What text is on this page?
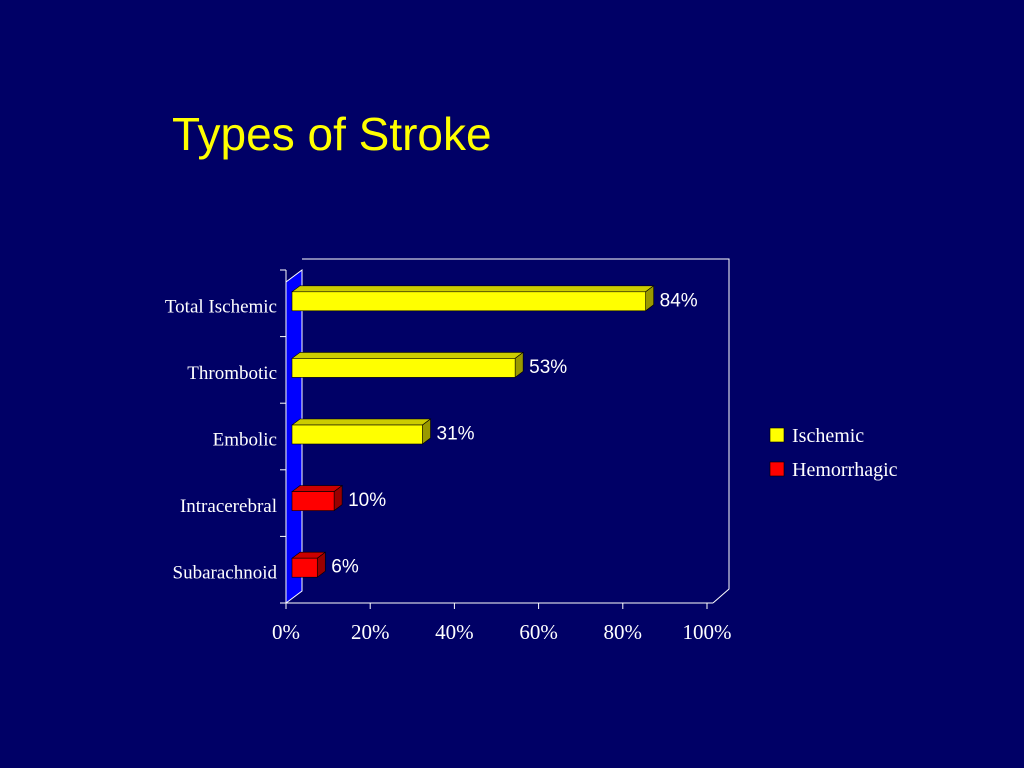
Types of Stroke
84%
53%
31%
10%
6%
0% 20% 40% 60% 80% 100%
Total Ischemic
Thrombotic
Embolic
Intracerebral
Subarachnoid
Ischemic
Hemorrhagic
